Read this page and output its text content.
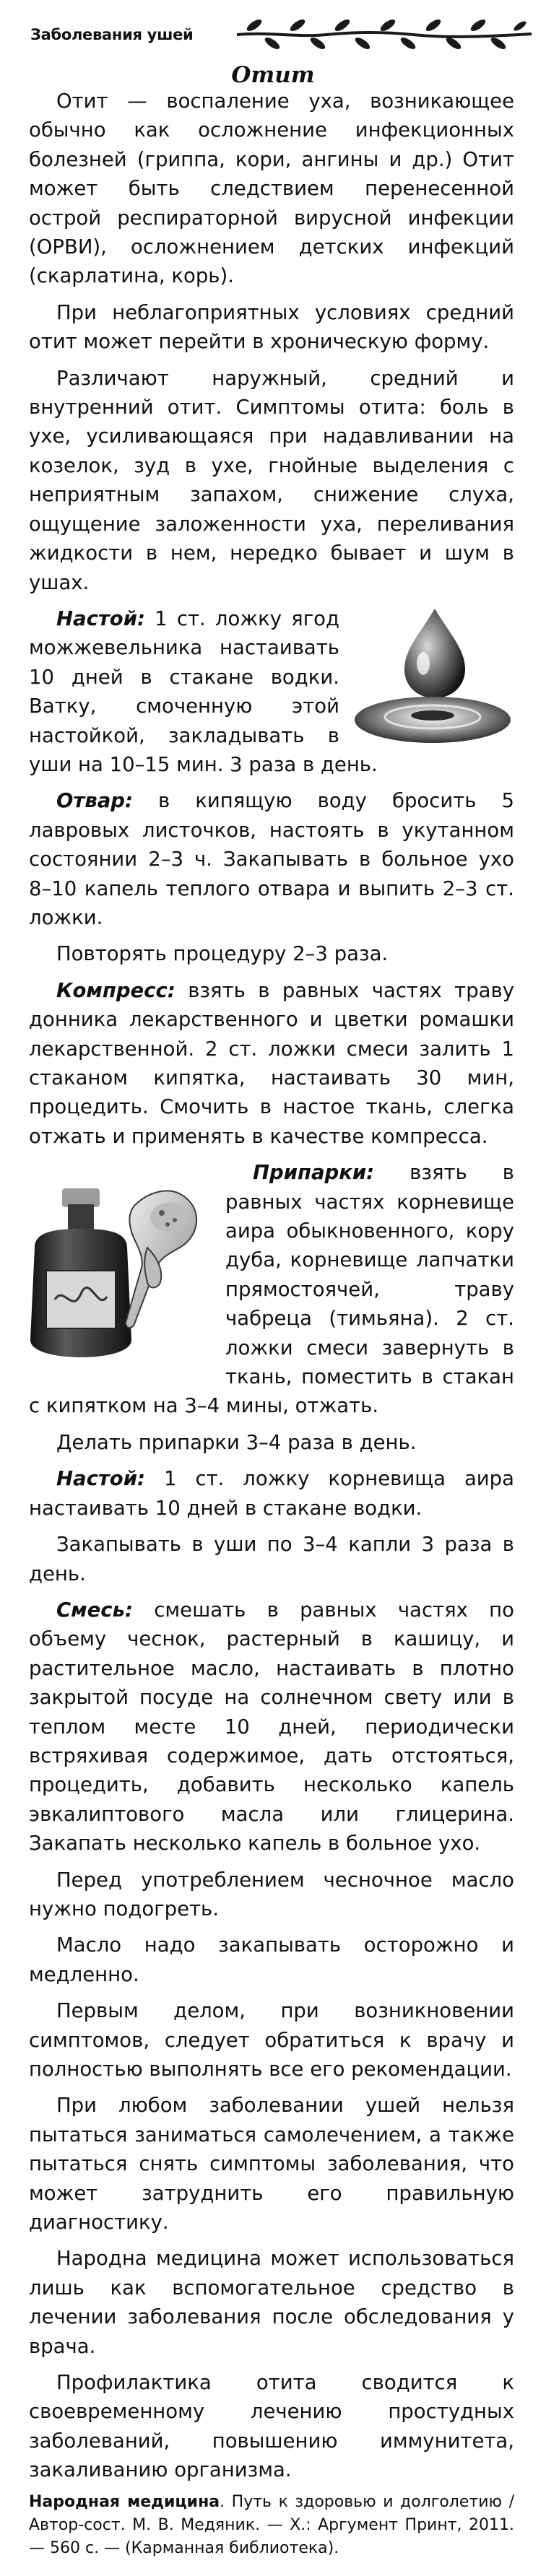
Заболевания ушей
Отит

Отит — воспаление уха, возникающее обычно как осложнение инфекционных болезней (гриппа, кори, ангины и др.) Отит может быть следствием перенесенной острой респираторной вирусной инфекции (ОРВИ), осложнением детских инфекций (скарлатина, корь).

При неблагоприятных условиях средний отит может перейти в хроническую форму.

Различают наружный, средний и внутренний отит. Симптомы отита: боль в ухе, усиливающаяся при надавливании на козелок, зуд в ухе, гнойные выделения с неприятным запахом, снижение слуха, ощущение заложенности уха, переливания жидкости в нем, нередко бывает и шум в ушах.

Настой: 1 ст. ложку ягод можжевельника настаивать 10 дней в стакане водки. Ватку, смоченную этой настойкой, закладывать в уши на 10–15 мин. 3 раза в день.

Отвар: в кипящую воду бросить 5 лавровых листочков, настоять в укутанном состоянии 2–3 ч. Закапывать в больное ухо 8–10 капель теплого отвара и выпить 2–3 ст. ложки.

Повторять процедуру 2–3 раза.

Компресс: взять в равных частях траву донника лекарственного и цветки ромашки лекарственной. 2 ст. ложки смеси залить 1 стаканом кипятка, настаивать 30 мин, процедить. Смочить в настое ткань, слегка отжать и применять в качестве компресса.

Припарки: взять в равных частях корневище аира обыкновенного, кору дуба, корневище лапчатки прямостоячей, траву чабреца (тимьяна). 2 ст. ложки смеси завернуть в ткань, поместить в стакан с кипятком на 3–4 мины, отжать.

Делать припарки 3–4 раза в день.

Настой: 1 ст. ложку корневища аира настаивать 10 дней в стакане водки.

Закапывать в уши по 3–4 капли 3 раза в день.

Смесь: смешать в равных частях по объему чеснок, растерный в кашицу, и растительное масло, настаивать в плотно закрытой посуде на солнечном свету или в теплом месте 10 дней, периодически встряхивая содержимое, дать отстояться, процедить, добавить несколько капель эвкалиптового масла или глицерина. Закапать несколько капель в больное ухо.

Перед употреблением чесночное масло нужно подогреть.

Масло надо закапывать осторожно и медленно.

Первым делом, при возникновении симптомов, следует обратиться к врачу и полностью выполнять все его рекомендации.

При любом заболевании ушей нельзя пытаться заниматься самолечением, а также пытаться снять симптомы заболевания, что может затруднить его правильную диагностику.

Народна медицина может использоваться лишь как вспомогательное средство в лечении заболевания после обследования у врача.

Профилактика отита сводится к своевременному лечению простудных заболеваний, повышению иммунитета, закаливанию организма.

Народная медицина. Путь к здоровью и долголетию / Автор-сост. М. В. Медяник. — Х.: Аргумент Принт, 2011. — 560 с. — (Карманная библиотека).
